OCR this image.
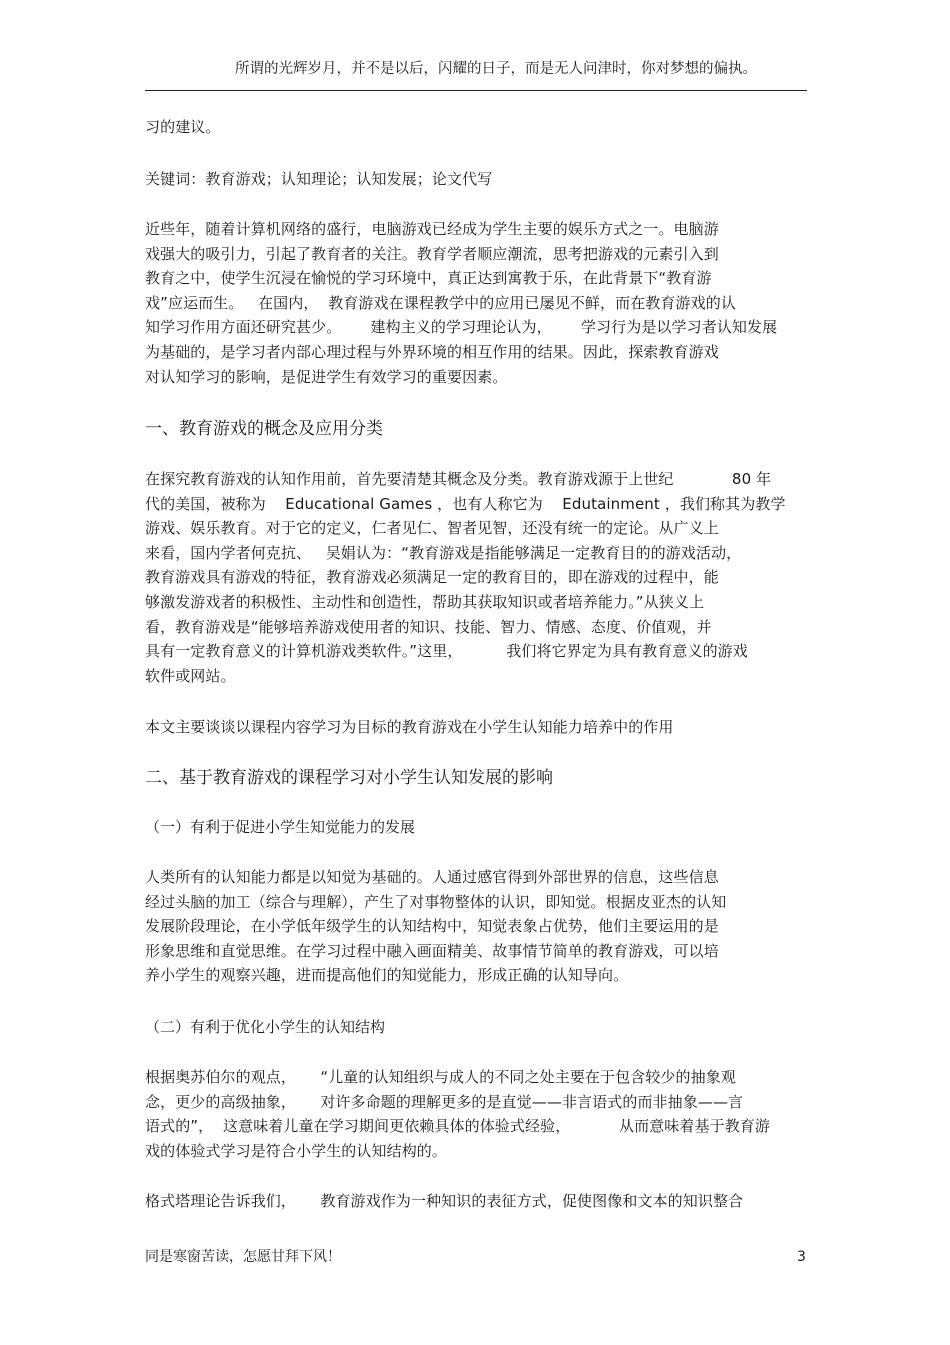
所谓的光辉岁月，并不是以后，闪耀的日子，而是无人问津时，你对梦想的偏执。
习的建议。
关键词：教育游戏；认知理论；认知发展；论文代写
近些年，随着计算机网络的盛行，电脑游戏已经成为学生主要的娱乐方式之一。电脑游
戏强大的吸引力，引起了教育者的关注。教育学者顺应潮流，思考把游戏的元素引入到
教育之中，使学生沉浸在愉悦的学习环境中，真正达到寓教于乐，在此背景下“教育游
戏”应运而生。   在国内，  教育游戏在课程教学中的应用已屡见不鲜，而在教育游戏的认
知学习作用方面还研究甚少。      建构主义的学习理论认为，      学习行为是以学习者认知发展
为基础的，是学习者内部心理过程与外界环境的相互作用的结果。因此，探索教育游戏
对认知学习的影响，是促进学生有效学习的重要因素。
一、教育游戏的概念及应用分类
在探究教育游戏的认知作用前，首先要清楚其概念及分类。教育游戏源于上世纪            80 年
代的美国，被称为    Educational Games ，也有人称它为    Edutainment ，我们称其为教学
游戏、娱乐教育。对于它的定义，仁者见仁、智者见智，还没有统一的定论。从广义上
来看，国内学者何克抗、   吴娟认为：“教育游戏是指能够满足一定教育目的的游戏活动，
教育游戏具有游戏的特征，教育游戏必须满足一定的教育目的，即在游戏的过程中，能
够激发游戏者的积极性、主动性和创造性，帮助其获取知识或者培养能力。”从狭义上
看，教育游戏是“能够培养游戏使用者的知识、技能、智力、情感、态度、价值观，并
具有一定教育意义的计算机游戏类软件。”这里，         我们将它界定为具有教育意义的游戏
软件或网站。
本文主要谈谈以课程内容学习为目标的教育游戏在小学生认知能力培养中的作用
二、基于教育游戏的课程学习对小学生认知发展的影响
（一）有利于促进小学生知觉能力的发展
人类所有的认知能力都是以知觉为基础的。人通过感官得到外部世界的信息，这些信息
经过头脑的加工（综合与理解），产生了对事物整体的认识，即知觉。根据皮亚杰的认知
发展阶段理论，在小学低年级学生的认知结构中，知觉表象占优势，他们主要运用的是
形象思维和直觉思维。在学习过程中融入画面精美、故事情节简单的教育游戏，可以培
养小学生的观察兴趣，进而提高他们的知觉能力，形成正确的认知导向。
（二）有利于优化小学生的认知结构
根据奥苏伯尔的观点，     “儿童的认知组织与成人的不同之处主要在于包含较少的抽象观
念，更少的高级抽象，     对许多命题的理解更多的是直觉——非言语式的而非抽象——言
语式的”，  这意味着儿童在学习期间更依赖具体的体验式经验，          从而意味着基于教育游
戏的体验式学习是符合小学生的认知结构的。
格式塔理论告诉我们，     教育游戏作为一种知识的表征方式，促使图像和文本的知识整合
同是寒窗苦读，怎愿甘拜下风！	3
